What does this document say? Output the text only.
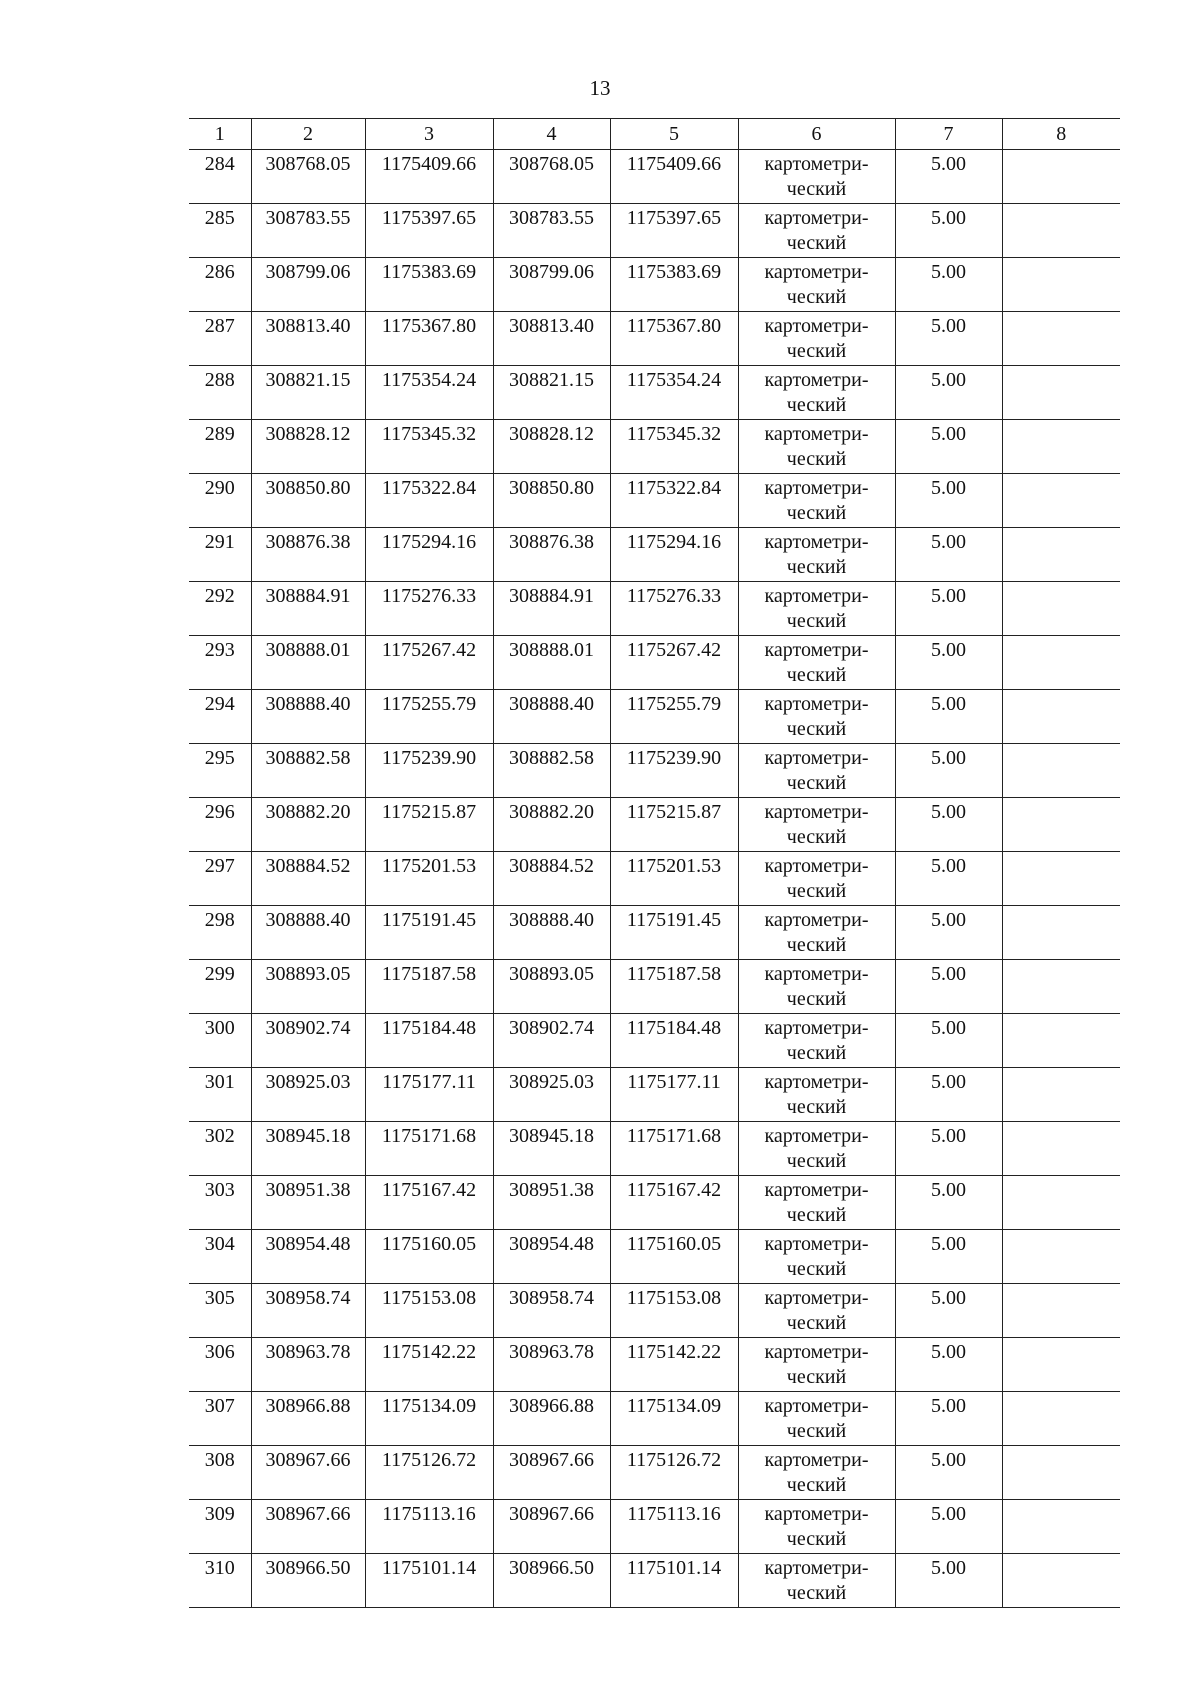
13
1	2	3	4	5	6	7	8
284	308768.05	1175409.66	308768.05	1175409.66	картометри-
ческий	5.00	
285	308783.55	1175397.65	308783.55	1175397.65	картометри-
ческий	5.00	
286	308799.06	1175383.69	308799.06	1175383.69	картометри-
ческий	5.00	
287	308813.40	1175367.80	308813.40	1175367.80	картометри-
ческий	5.00	
288	308821.15	1175354.24	308821.15	1175354.24	картометри-
ческий	5.00	
289	308828.12	1175345.32	308828.12	1175345.32	картометри-
ческий	5.00	
290	308850.80	1175322.84	308850.80	1175322.84	картометри-
ческий	5.00	
291	308876.38	1175294.16	308876.38	1175294.16	картометри-
ческий	5.00	
292	308884.91	1175276.33	308884.91	1175276.33	картометри-
ческий	5.00	
293	308888.01	1175267.42	308888.01	1175267.42	картометри-
ческий	5.00	
294	308888.40	1175255.79	308888.40	1175255.79	картометри-
ческий	5.00	
295	308882.58	1175239.90	308882.58	1175239.90	картометри-
ческий	5.00	
296	308882.20	1175215.87	308882.20	1175215.87	картометри-
ческий	5.00	
297	308884.52	1175201.53	308884.52	1175201.53	картометри-
ческий	5.00	
298	308888.40	1175191.45	308888.40	1175191.45	картометри-
ческий	5.00	
299	308893.05	1175187.58	308893.05	1175187.58	картометри-
ческий	5.00	
300	308902.74	1175184.48	308902.74	1175184.48	картометри-
ческий	5.00	
301	308925.03	1175177.11	308925.03	1175177.11	картометри-
ческий	5.00	
302	308945.18	1175171.68	308945.18	1175171.68	картометри-
ческий	5.00	
303	308951.38	1175167.42	308951.38	1175167.42	картометри-
ческий	5.00	
304	308954.48	1175160.05	308954.48	1175160.05	картометри-
ческий	5.00	
305	308958.74	1175153.08	308958.74	1175153.08	картометри-
ческий	5.00	
306	308963.78	1175142.22	308963.78	1175142.22	картометри-
ческий	5.00	
307	308966.88	1175134.09	308966.88	1175134.09	картометри-
ческий	5.00	
308	308967.66	1175126.72	308967.66	1175126.72	картометри-
ческий	5.00	
309	308967.66	1175113.16	308967.66	1175113.16	картометри-
ческий	5.00	
310	308966.50	1175101.14	308966.50	1175101.14	картометри-
ческий	5.00	
